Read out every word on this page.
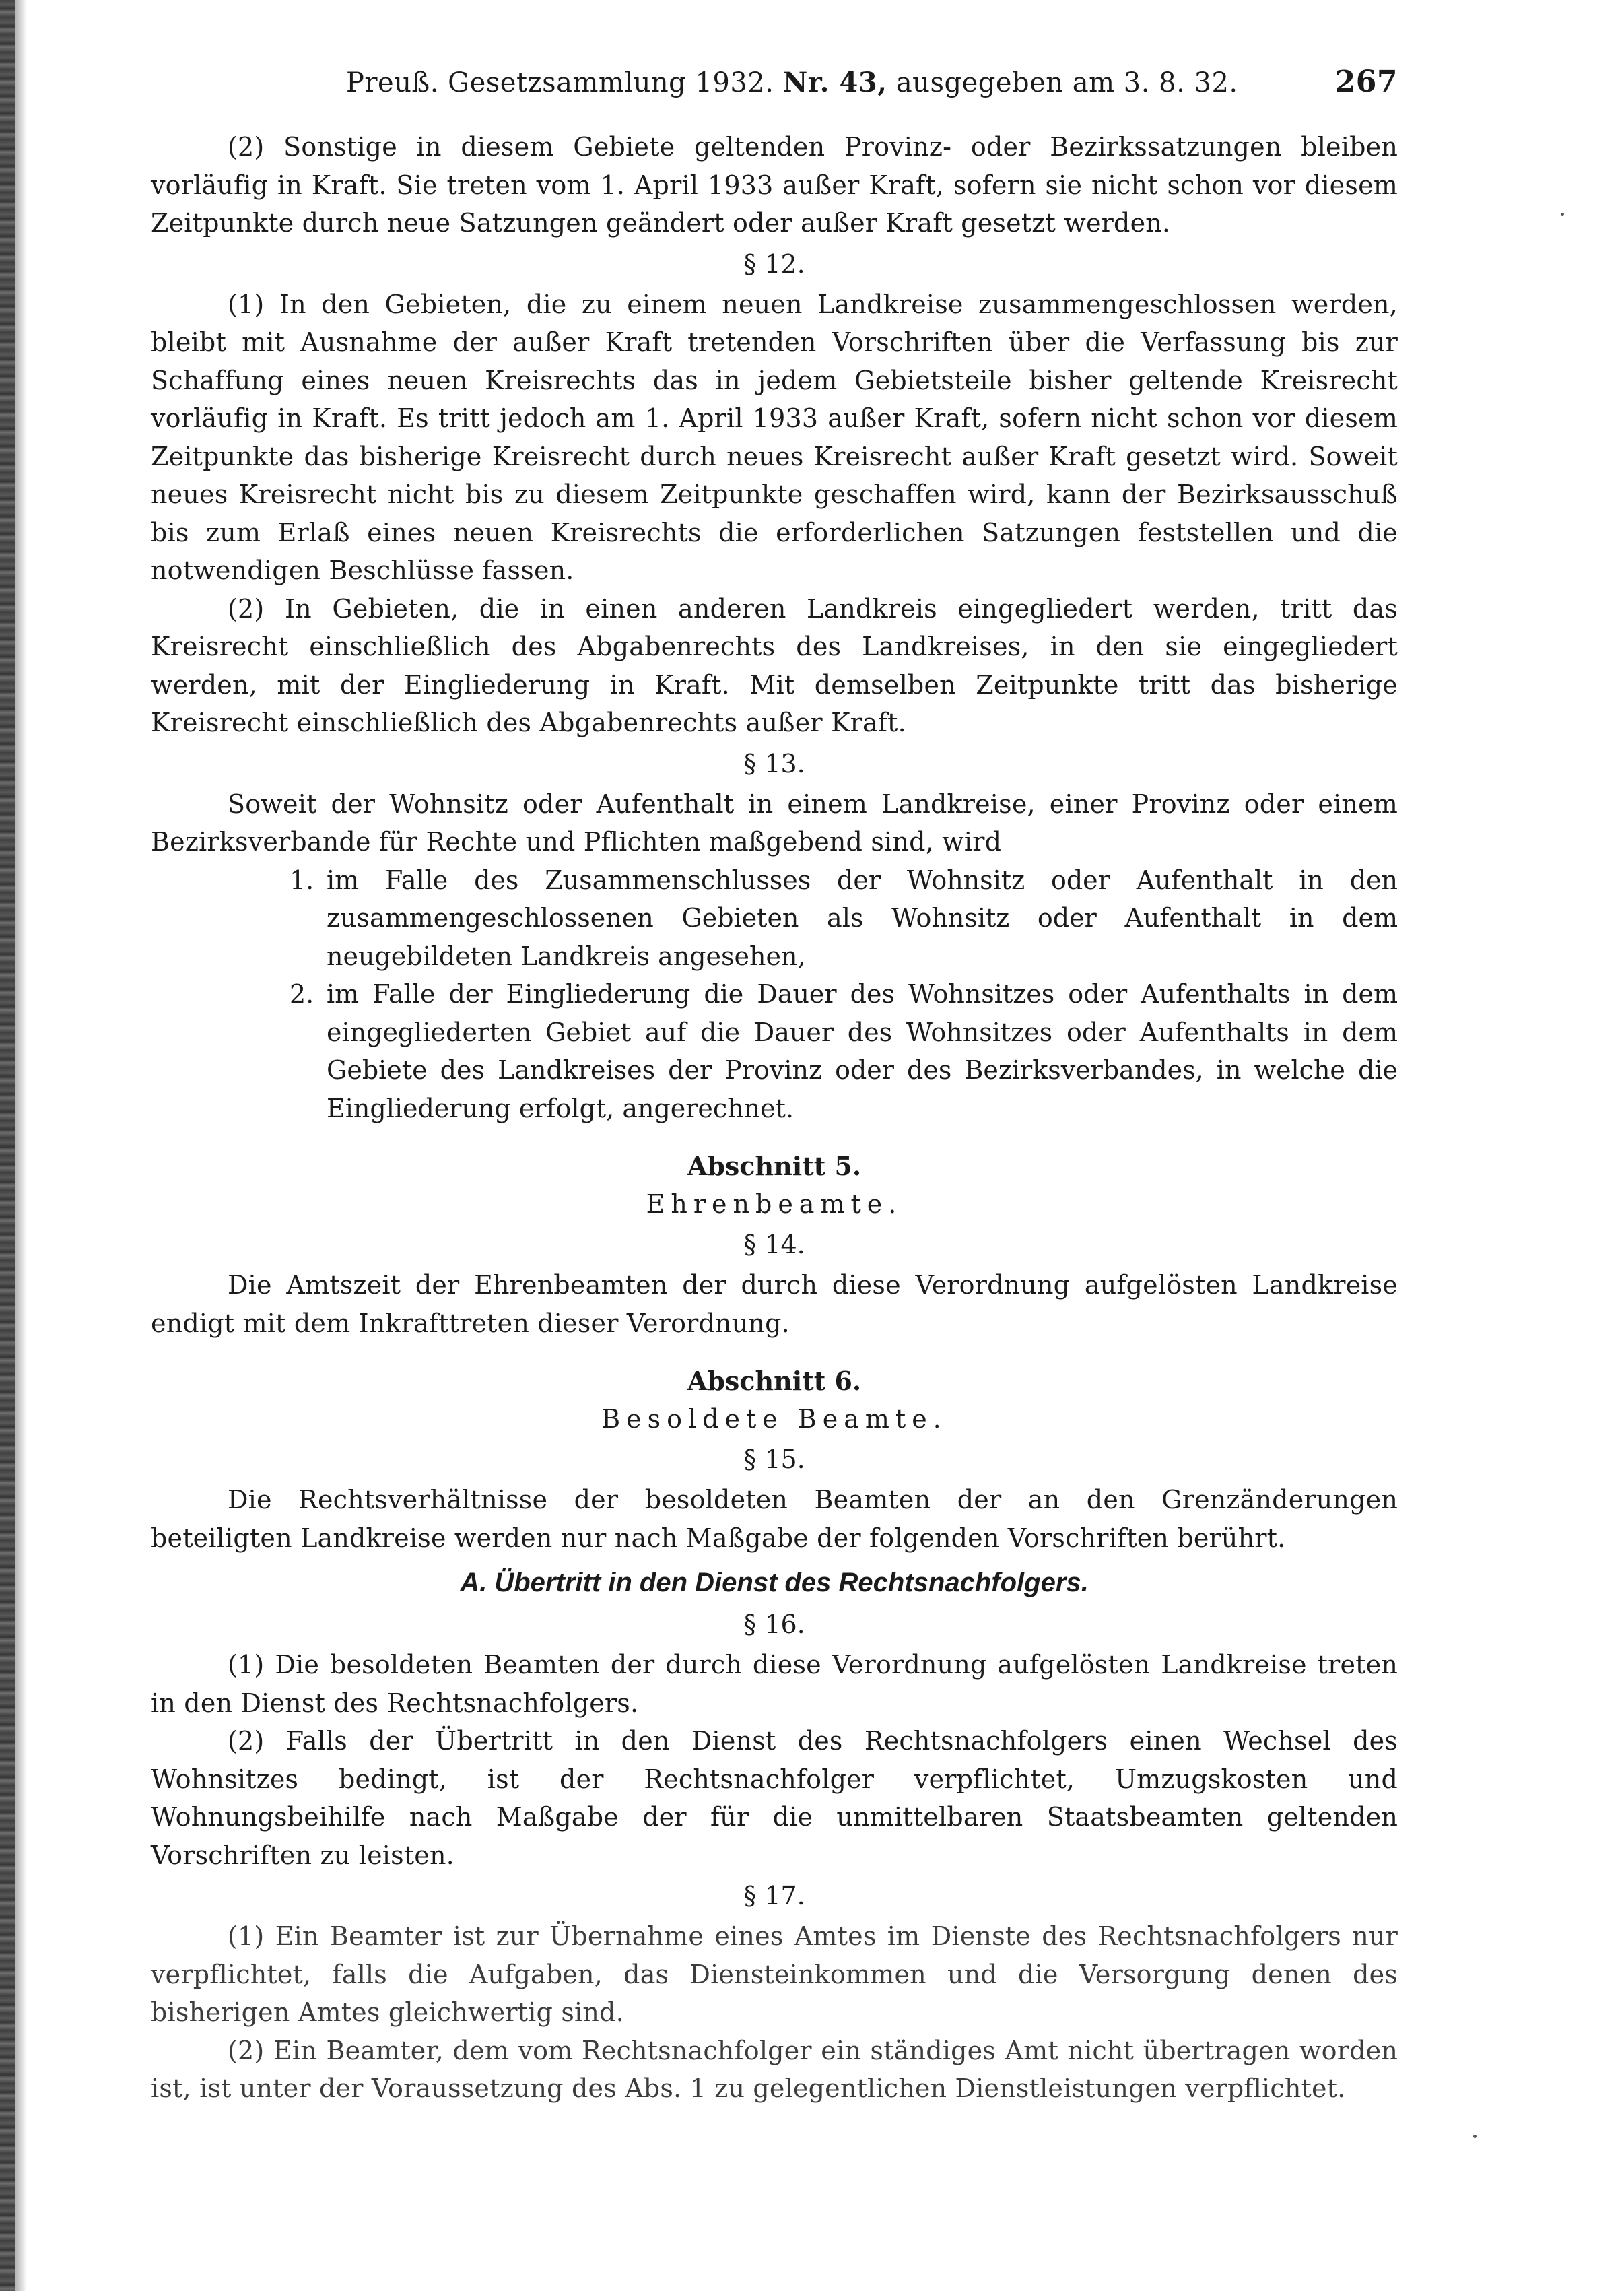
Preuß. Gesetzsammlung 1932. Nr. 43, ausgegeben am 3. 8. 32.	267

(2) Sonstige in diesem Gebiete geltenden Provinz- oder Bezirkssatzungen bleiben vorläufig in Kraft. Sie treten vom 1. April 1933 außer Kraft, sofern sie nicht schon vor diesem Zeitpunkte durch neue Satzungen geändert oder außer Kraft gesetzt werden.

§ 12.

(1) In den Gebieten, die zu einem neuen Landkreise zusammengeschlossen werden, bleibt mit Ausnahme der außer Kraft tretenden Vorschriften über die Verfassung bis zur Schaffung eines neuen Kreisrechts das in jedem Gebietsteile bisher geltende Kreisrecht vorläufig in Kraft. Es tritt jedoch am 1. April 1933 außer Kraft, sofern nicht schon vor diesem Zeitpunkte das bisherige Kreisrecht durch neues Kreisrecht außer Kraft gesetzt wird. Soweit neues Kreisrecht nicht bis zu diesem Zeitpunkte geschaffen wird, kann der Bezirksausschuß bis zum Erlaß eines neuen Kreisrechts die erforderlichen Satzungen feststellen und die notwendigen Beschlüsse fassen.

(2) In Gebieten, die in einen anderen Landkreis eingegliedert werden, tritt das Kreisrecht einschließlich des Abgabenrechts des Landkreises, in den sie eingegliedert werden, mit der Eingliederung in Kraft. Mit demselben Zeitpunkte tritt das bisherige Kreisrecht einschließlich des Abgabenrechts außer Kraft.

§ 13.

Soweit der Wohnsitz oder Aufenthalt in einem Landkreise, einer Provinz oder einem Bezirksverbande für Rechte und Pflichten maßgebend sind, wird

1. im Falle des Zusammenschlusses der Wohnsitz oder Aufenthalt in den zusammengeschlossenen Gebieten als Wohnsitz oder Aufenthalt in dem neugebildeten Landkreis angesehen,
2. im Falle der Eingliederung die Dauer des Wohnsitzes oder Aufenthalts in dem eingegliederten Gebiet auf die Dauer des Wohnsitzes oder Aufenthalts in dem Gebiete des Landkreises der Provinz oder des Bezirksverbandes, in welche die Eingliederung erfolgt, angerechnet.
Abschnitt 5.
Ehrenbeamte.
§ 14.

Die Amtszeit der Ehrenbeamten der durch diese Verordnung aufgelösten Landkreise endigt mit dem Inkrafttreten dieser Verordnung.

Abschnitt 6.
Besoldete Beamte.
§ 15.

Die Rechtsverhältnisse der besoldeten Beamten der an den Grenzänderungen beteiligten Landkreise werden nur nach Maßgabe der folgenden Vorschriften berührt.

A. Übertritt in den Dienst des Rechtsnachfolgers.
§ 16.

(1) Die besoldeten Beamten der durch diese Verordnung aufgelösten Landkreise treten in den Dienst des Rechtsnachfolgers.

(2) Falls der Übertritt in den Dienst des Rechtsnachfolgers einen Wechsel des Wohnsitzes bedingt, ist der Rechtsnachfolger verpflichtet, Umzugskosten und Wohnungsbeihilfe nach Maßgabe der für die unmittelbaren Staatsbeamten geltenden Vorschriften zu leisten.

§ 17.

(1) Ein Beamter ist zur Übernahme eines Amtes im Dienste des Rechtsnachfolgers nur verpflichtet, falls die Aufgaben, das Diensteinkommen und die Versorgung denen des bisherigen Amtes gleichwertig sind.

(2) Ein Beamter, dem vom Rechtsnachfolger ein ständiges Amt nicht übertragen worden ist, ist unter der Voraussetzung des Abs. 1 zu gelegentlichen Dienstleistungen verpflichtet.
